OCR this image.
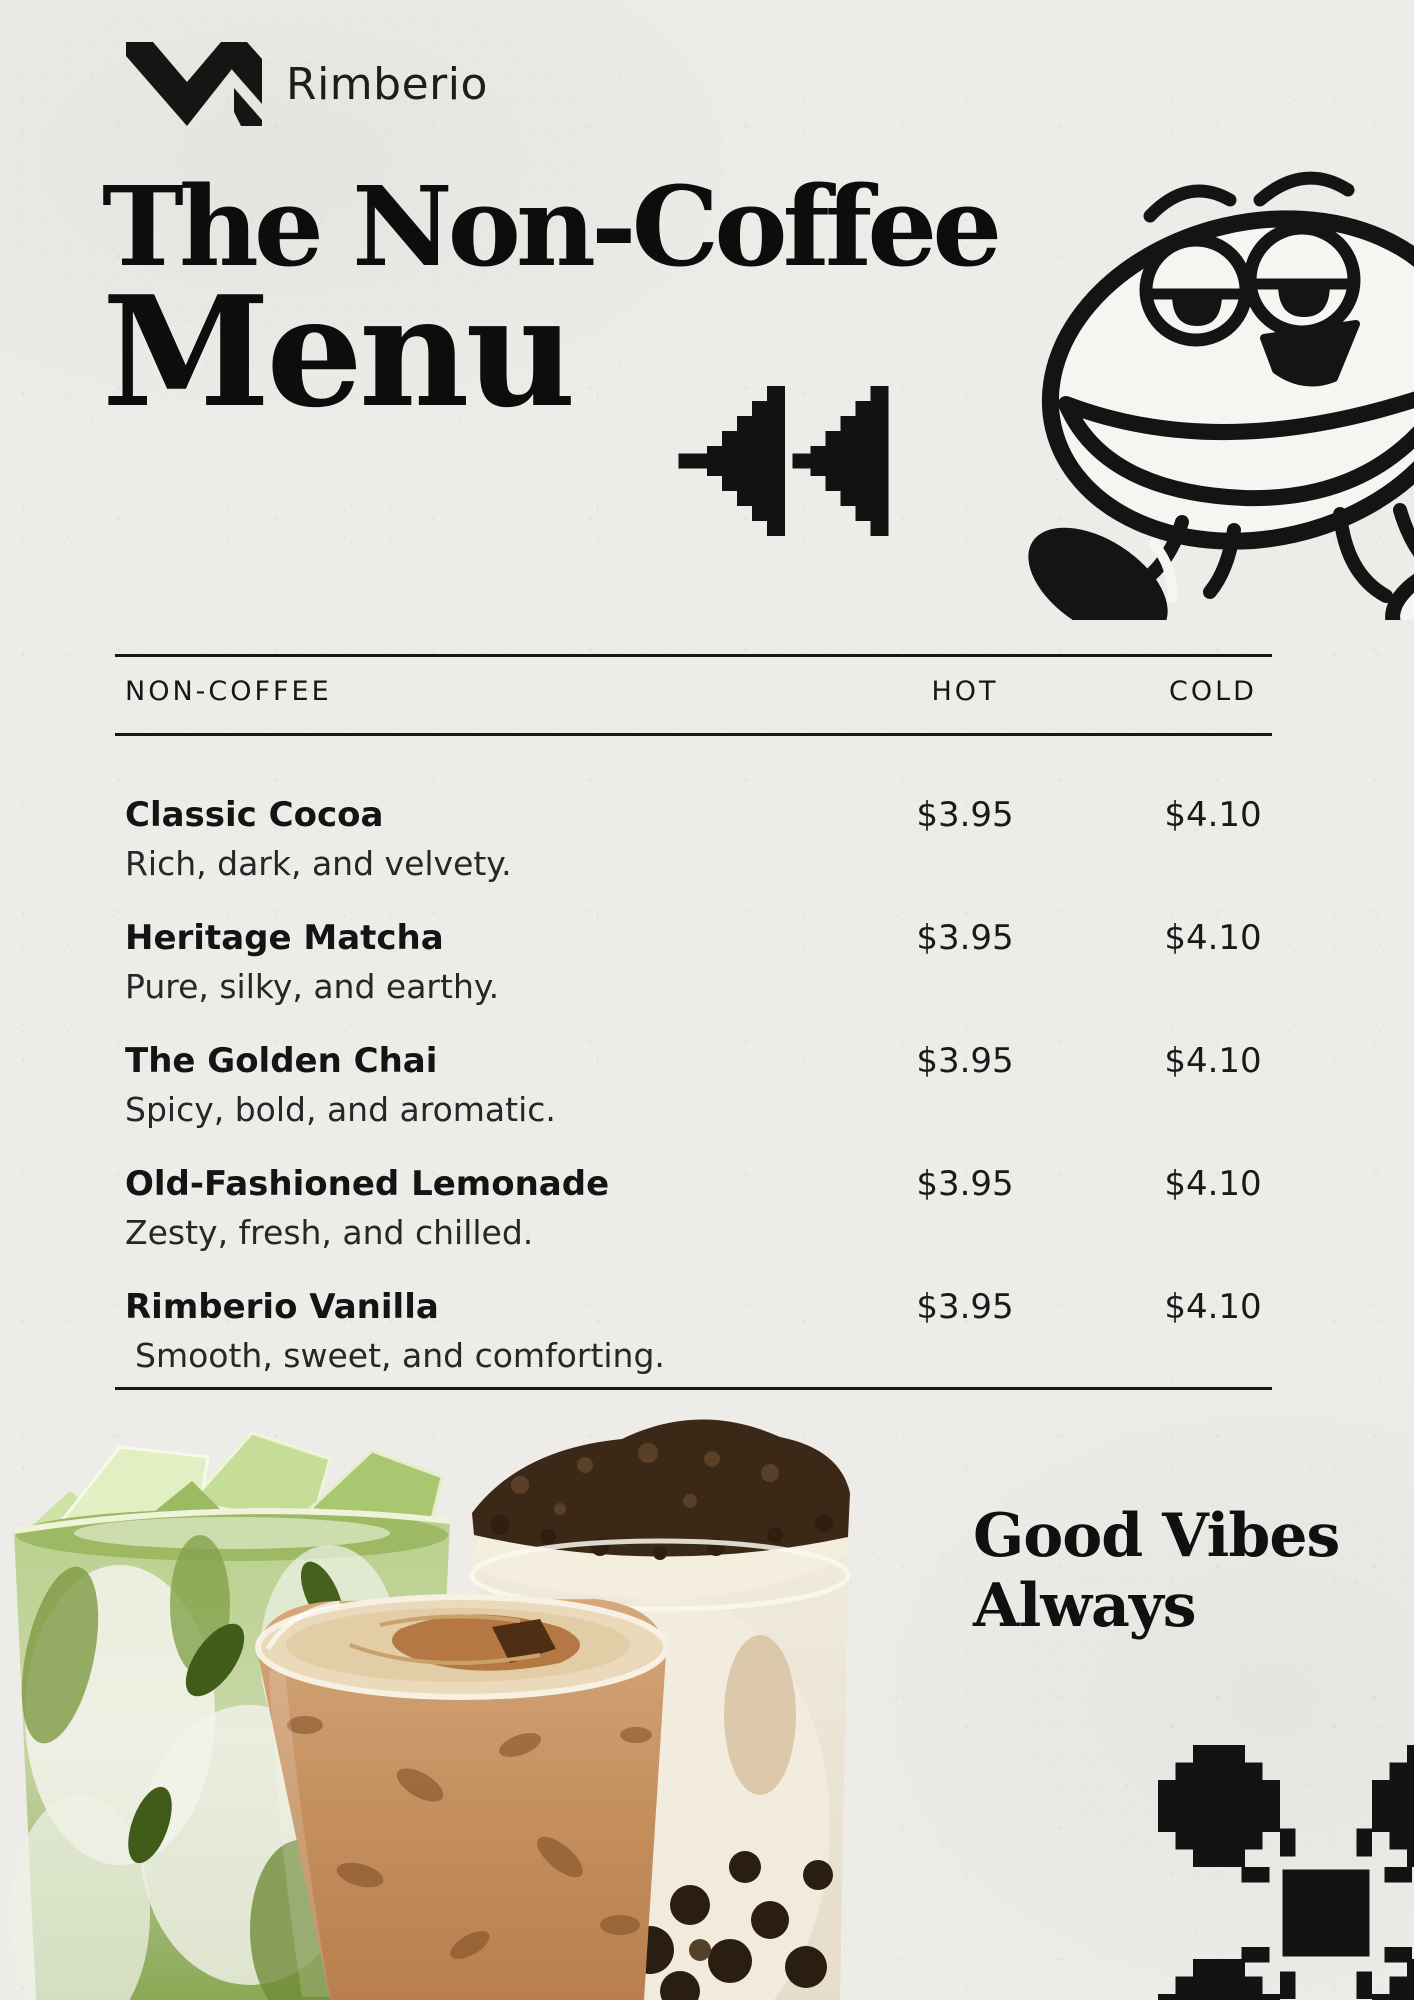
Rimberio
The Non-Coffee
Menu
NON-COFFEE	HOT	COLD
Classic Cocoa
Rich, dark, and velvety.
$3.95	$4.10
Heritage Matcha
Pure, silky, and earthy.
$3.95	$4.10
The Golden Chai
Spicy, bold, and aromatic.
$3.95	$4.10
Old-Fashioned Lemonade
Zesty, fresh, and chilled.
$3.95	$4.10
Rimberio Vanilla
Smooth, sweet, and comforting.
$3.95	$4.10
Good Vibes
Always
